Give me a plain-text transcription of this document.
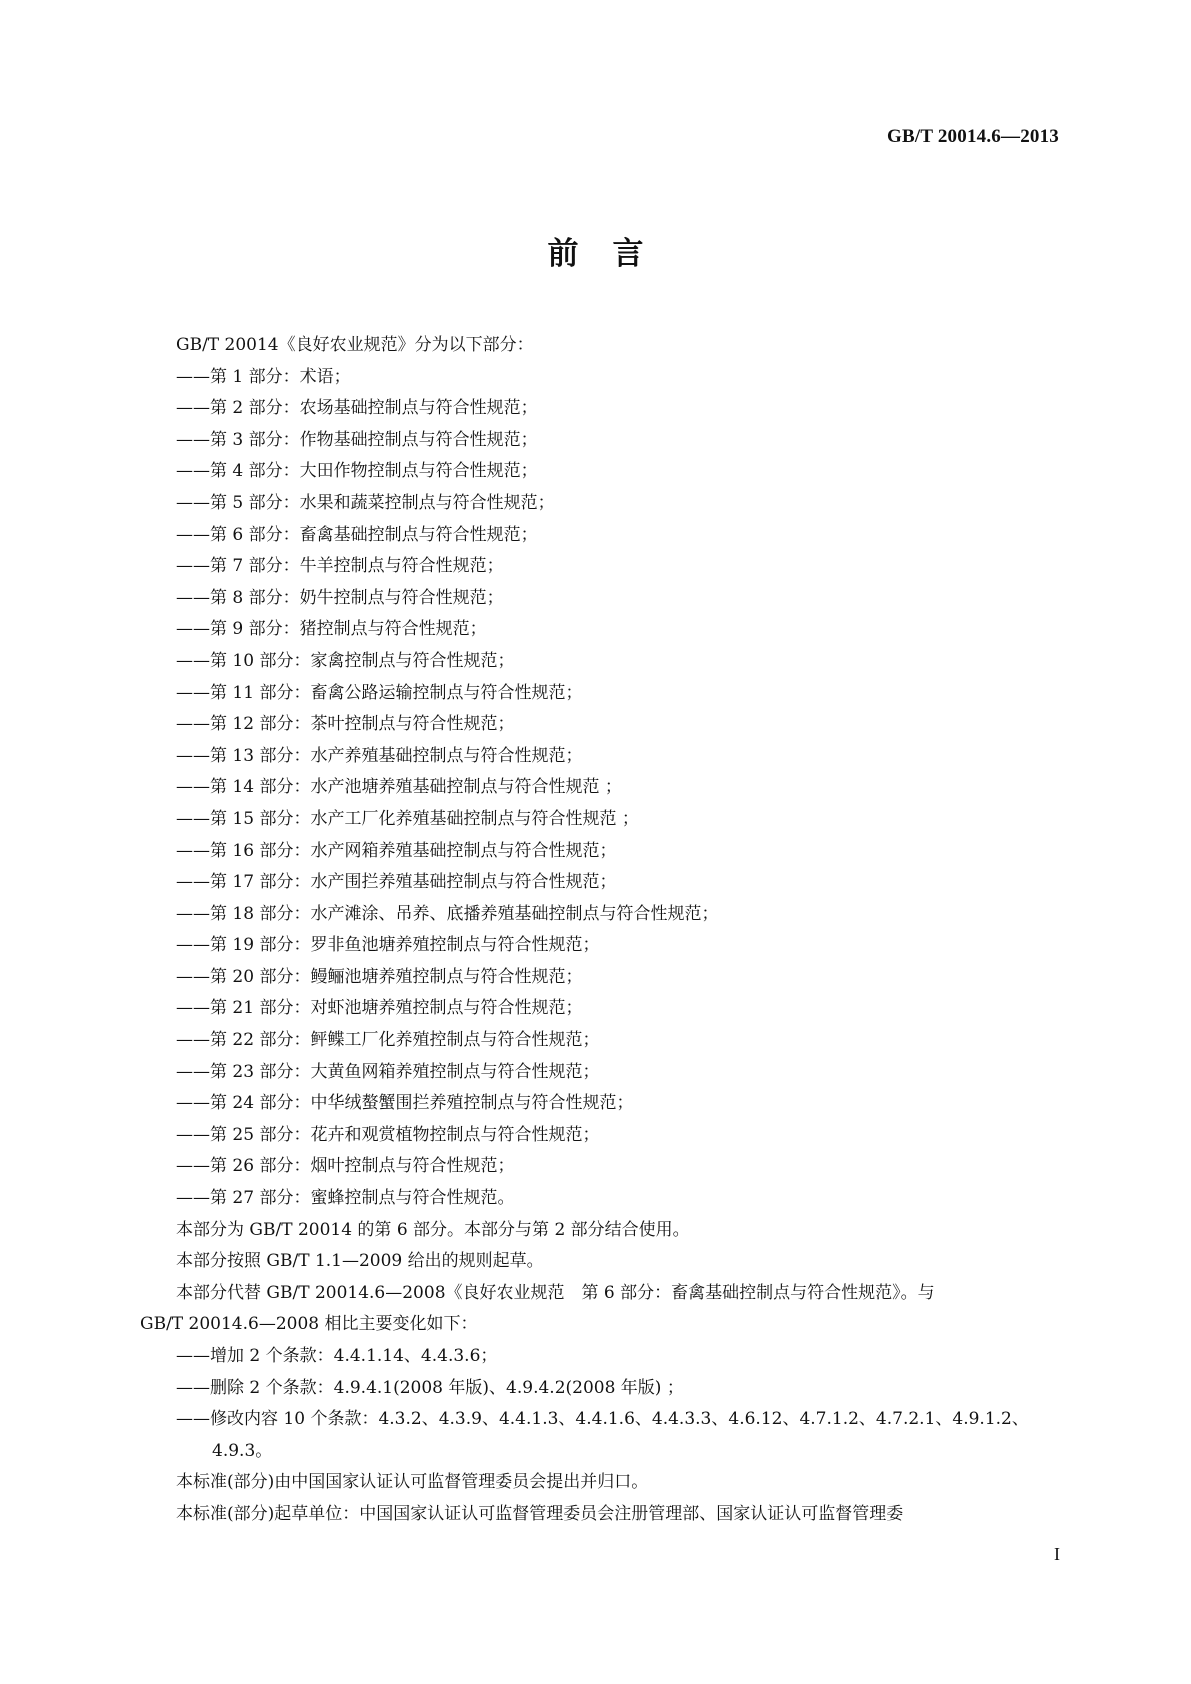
GB/T 20014.6—2013
前言
GB/T 20014《良好农业规范》分为以下部分：
——第 1 部分：术语；
——第 2 部分：农场基础控制点与符合性规范；
——第 3 部分：作物基础控制点与符合性规范；
——第 4 部分：大田作物控制点与符合性规范；
——第 5 部分：水果和蔬菜控制点与符合性规范；
——第 6 部分：畜禽基础控制点与符合性规范；
——第 7 部分：牛羊控制点与符合性规范；
——第 8 部分：奶牛控制点与符合性规范；
——第 9 部分：猪控制点与符合性规范；
——第 10 部分：家禽控制点与符合性规范；
——第 11 部分：畜禽公路运输控制点与符合性规范；
——第 12 部分：茶叶控制点与符合性规范；
——第 13 部分：水产养殖基础控制点与符合性规范；
——第 14 部分：水产池塘养殖基础控制点与符合性规范 ；
——第 15 部分：水产工厂化养殖基础控制点与符合性规范 ；
——第 16 部分：水产网箱养殖基础控制点与符合性规范；
——第 17 部分：水产围拦养殖基础控制点与符合性规范；
——第 18 部分：水产滩涂、吊养、底播养殖基础控制点与符合性规范；
——第 19 部分：罗非鱼池塘养殖控制点与符合性规范；
——第 20 部分：鳗鲡池塘养殖控制点与符合性规范；
——第 21 部分：对虾池塘养殖控制点与符合性规范；
——第 22 部分：鲆鲽工厂化养殖控制点与符合性规范；
——第 23 部分：大黄鱼网箱养殖控制点与符合性规范；
——第 24 部分：中华绒螯蟹围拦养殖控制点与符合性规范；
——第 25 部分：花卉和观赏植物控制点与符合性规范；
——第 26 部分：烟叶控制点与符合性规范；
——第 27 部分：蜜蜂控制点与符合性规范。
本部分为 GB/T 20014 的第 6 部分。本部分与第 2 部分结合使用。
本部分按照 GB/T 1.1—2009 给出的规则起草。
本部分代替 GB/T 20014.6—2008《良好农业规范　第 6 部分：畜禽基础控制点与符合性规范》。与
GB/T 20014.6—2008 相比主要变化如下：
——增加 2 个条款：4.4.1.14、4.4.3.6；
——删除 2 个条款：4.9.4.1(2008 年版)、4.9.4.2(2008 年版) ；
——修改内容 10 个条款：4.3.2、4.3.9、4.4.1.3、4.4.1.6、4.4.3.3、4.6.12、4.7.1.2、4.7.2.1、4.9.1.2、
4.9.3。
本标准(部分)由中国国家认证认可监督管理委员会提出并归口。
本标准(部分)起草单位：中国国家认证认可监督管理委员会注册管理部、国家认证认可监督管理委
I
